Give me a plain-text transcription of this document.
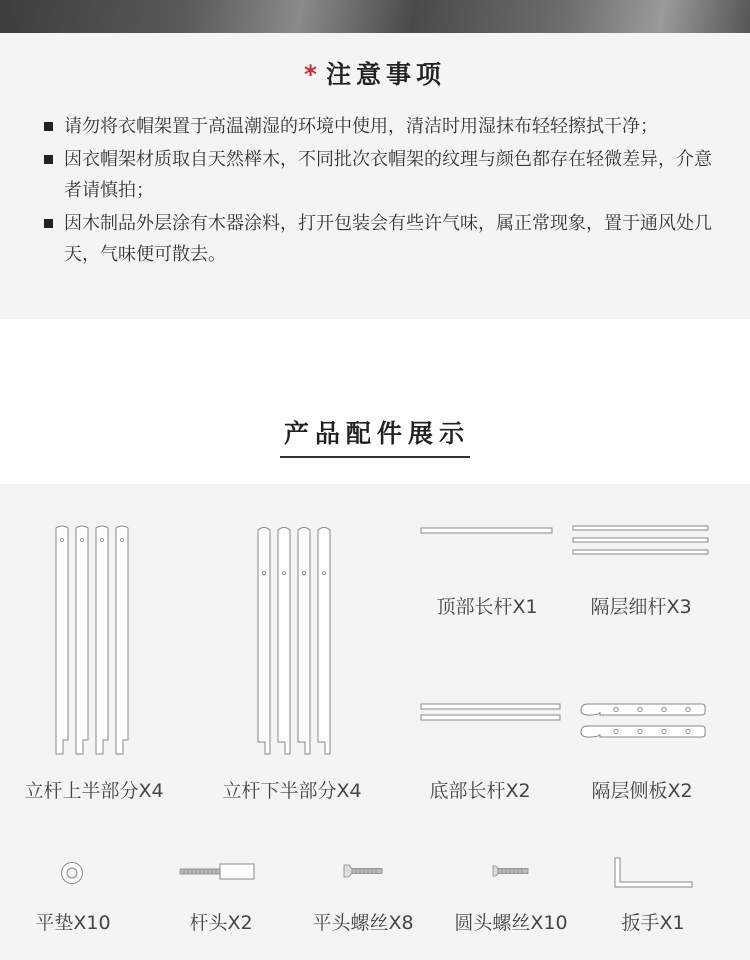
* 注意事项
请勿将衣帽架置于高温潮湿的环境中使用，清洁时用湿抹布轻轻擦拭干净；
因衣帽架材质取自天然榉木，不同批次衣帽架的纹理与颜色都存在轻微差异，介意者请慎拍；
因木制品外层涂有木器涂料，打开包装会有些许气味，属正常现象，置于通风处几天，气味便可散去。
产品配件展示
立杆上半部分X4	立杆下半部分X4
顶部长杆X1	隔层细杆X3
底部长杆X2	隔层侧板X2
平垫X10	杆头X2	平头螺丝X8	圆头螺丝X10	扳手X1
